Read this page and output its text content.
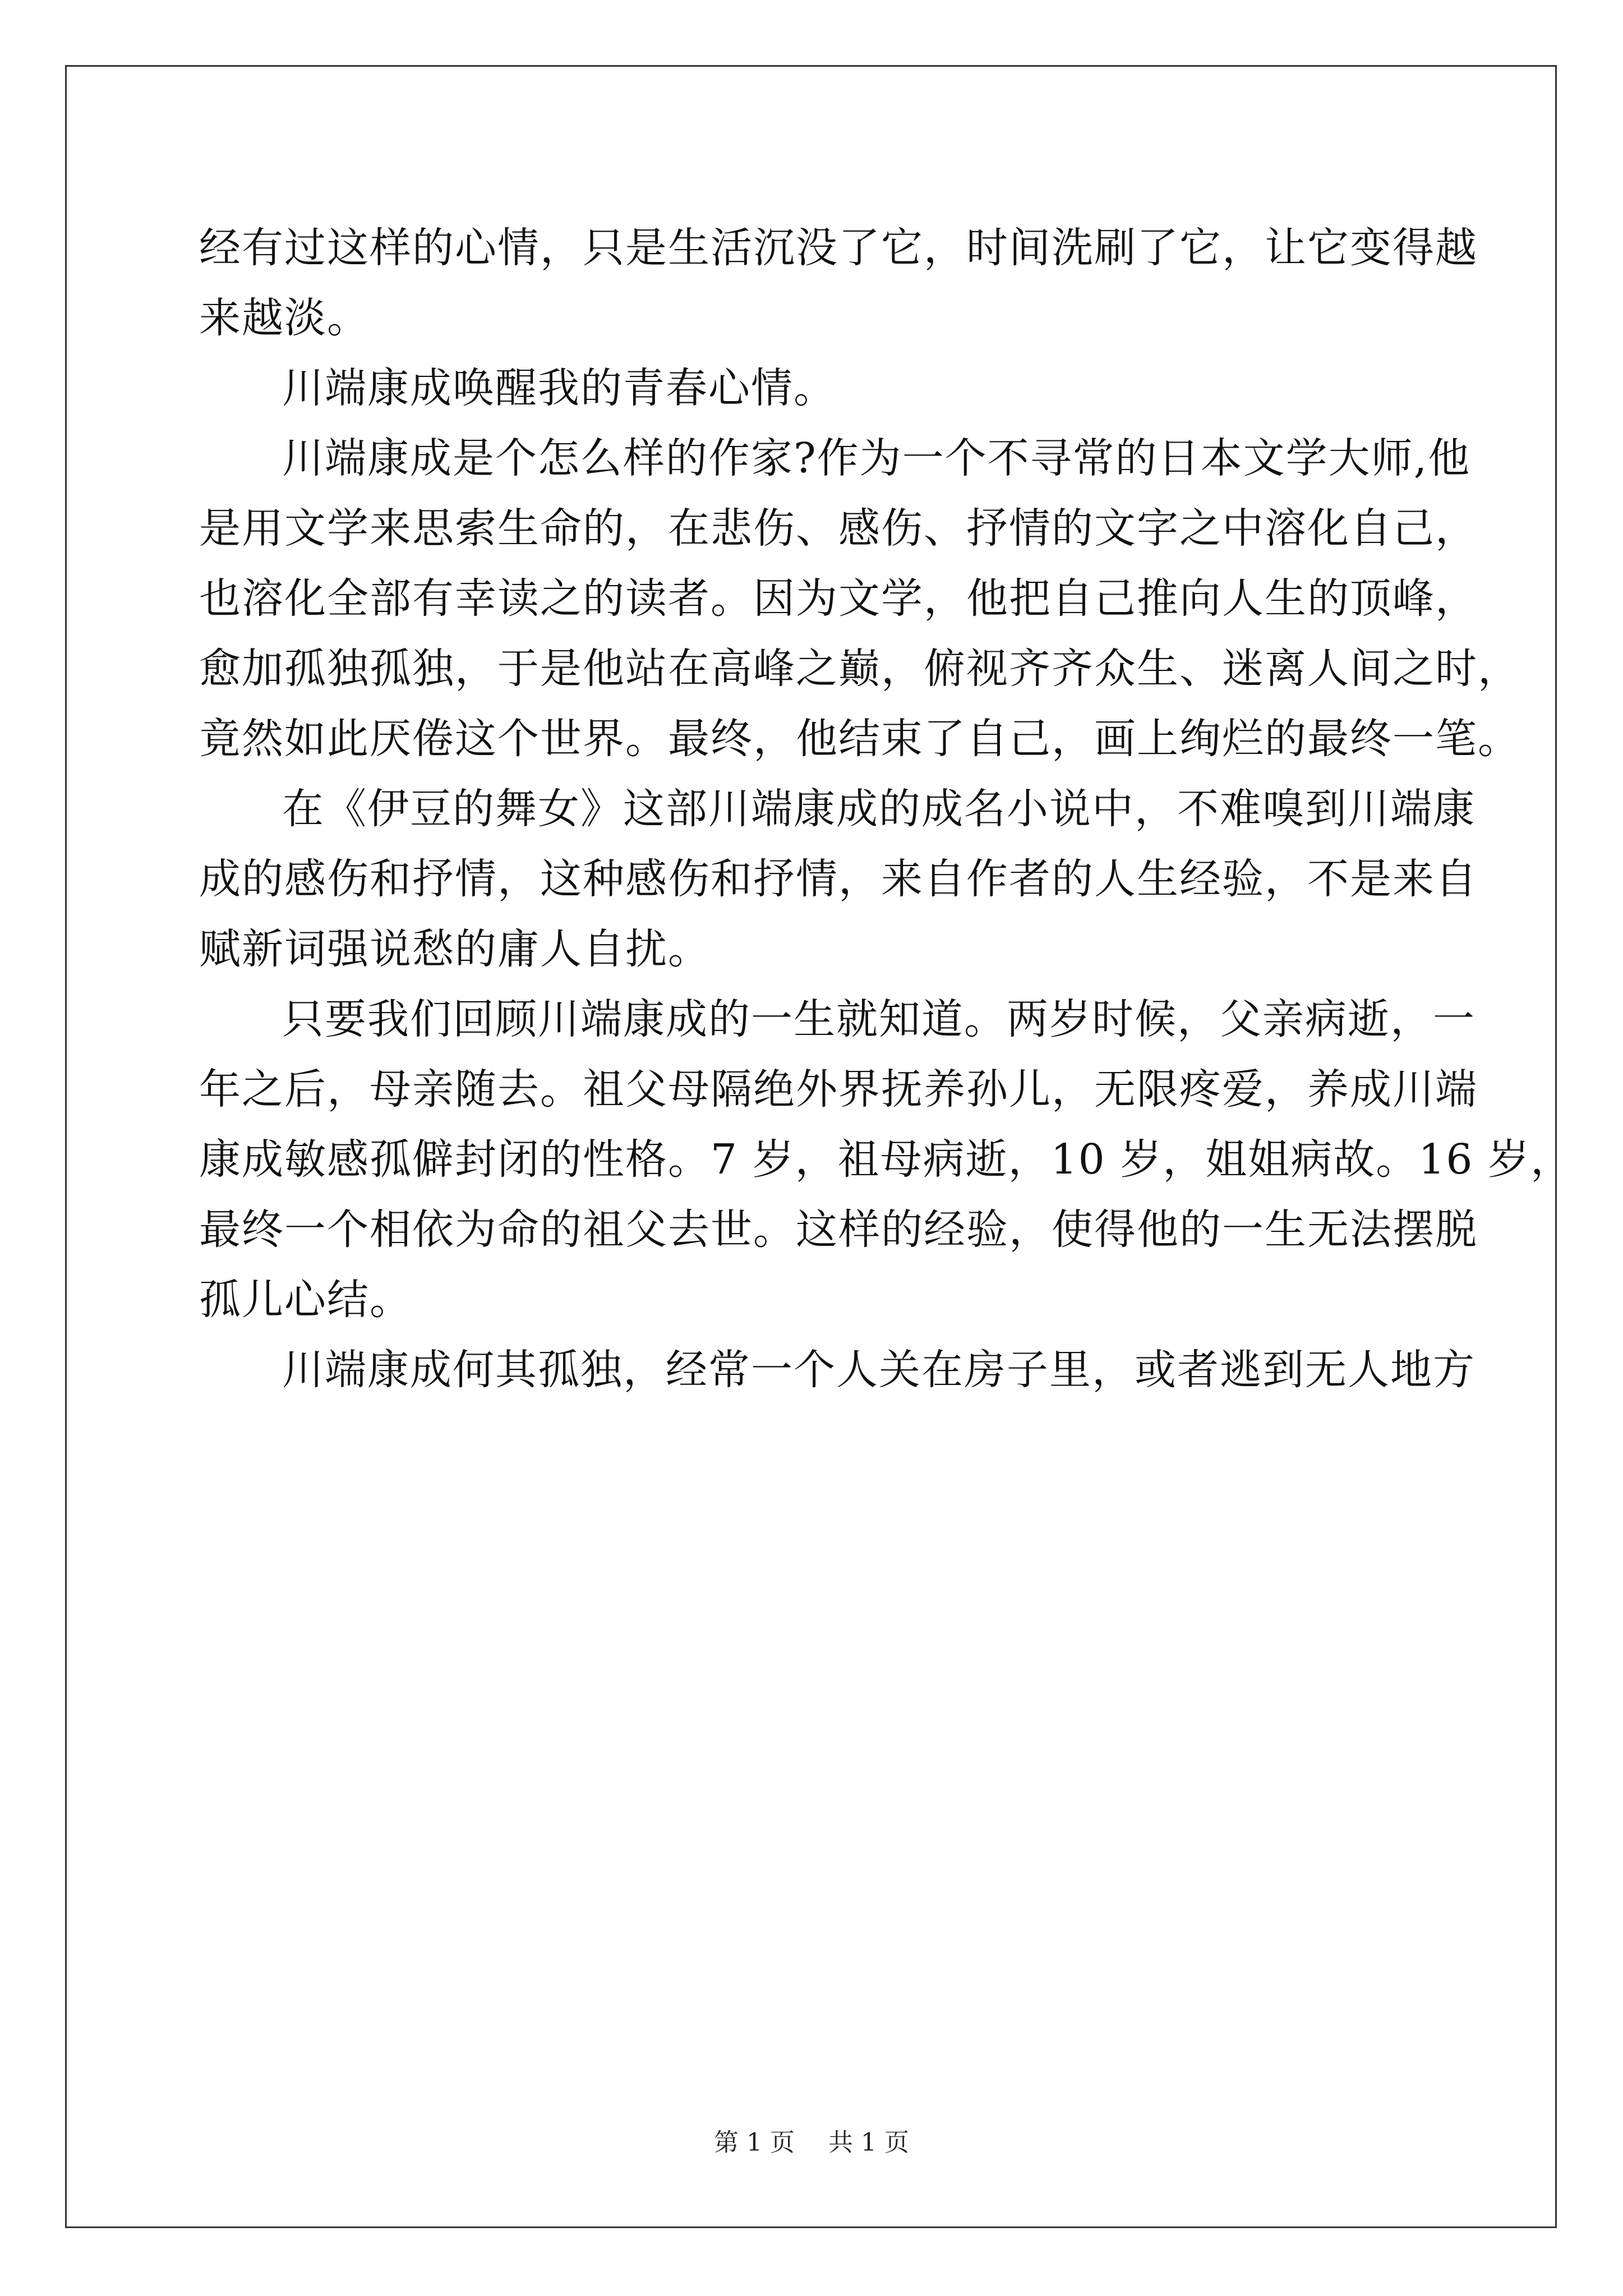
经有过这样的心情，只是生活沉没了它，时间洗刷了它，让它变得越
来越淡。
川端康成唤醒我的青春心情。
川端康成是个怎么样的作家?作为一个不寻常的日本文学大师,他
是用文学来思索生命的，在悲伤、感伤、抒情的文字之中溶化自己，
也溶化全部有幸读之的读者。因为文学，他把自己推向人生的顶峰，
愈加孤独孤独，于是他站在高峰之巅，俯视齐齐众生、迷离人间之时，
竟然如此厌倦这个世界。最终，他结束了自己，画上绚烂的最终一笔。
在《伊豆的舞女》这部川端康成的成名小说中，不难嗅到川端康
成的感伤和抒情，这种感伤和抒情，来自作者的人生经验，不是来自
赋新词强说愁的庸人自扰。
只要我们回顾川端康成的一生就知道。两岁时候，父亲病逝，一
年之后，母亲随去。祖父母隔绝外界抚养孙儿，无限疼爱，养成川端
康成敏感孤僻封闭的性格。7 岁，祖母病逝，10 岁，姐姐病故。16 岁，
最终一个相依为命的祖父去世。这样的经验，使得他的一生无法摆脱
孤儿心结。
川端康成何其孤独，经常一个人关在房子里，或者逃到无人地方
第 1 页 共 1 页
